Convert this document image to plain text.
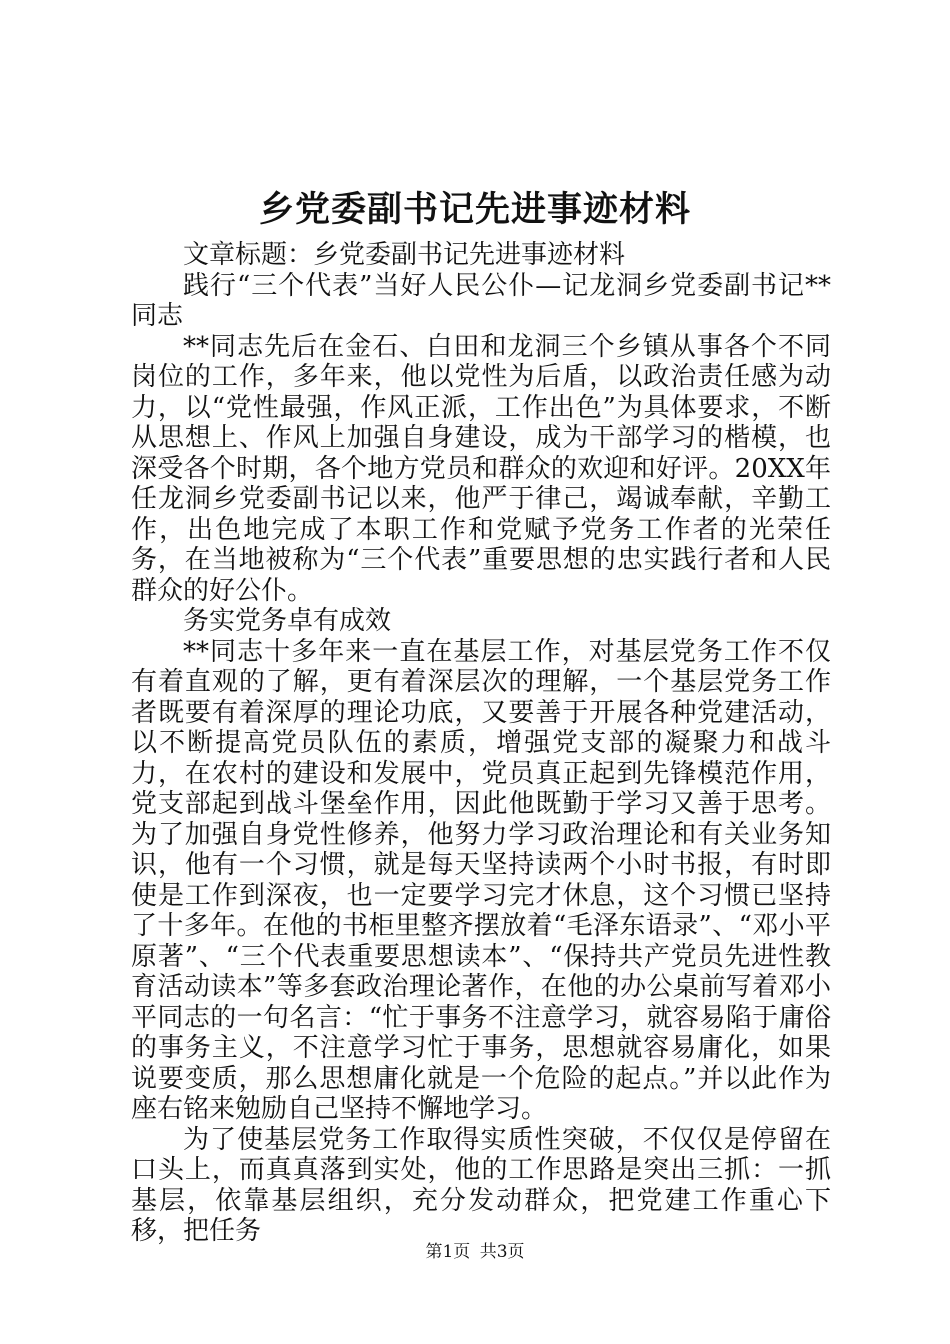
乡党委副书记先进事迹材料

文章标题：乡党委副书记先进事迹材料

践行“三个代表”当好人民公仆—记龙洞乡党委副书记**同志

**同志先后在金石、白田和龙洞三个乡镇从事各个不同岗位的工作，多年来，他以党性为后盾，以政治责任感为动力，以“党性最强，作风正派，工作出色”为具体要求，不断从思想上、作风上加强自身建设，成为干部学习的楷模，也深受各个时期，各个地方党员和群众的欢迎和好评。20XX年任龙洞乡党委副书记以来，他严于律己，竭诚奉献，辛勤工作，出色地完成了本职工作和党赋予党务工作者的光荣任务，在当地被称为“三个代表”重要思想的忠实践行者和人民群众的好公仆。

务实党务卓有成效

**同志十多年来一直在基层工作，对基层党务工作不仅有着直观的了解，更有着深层次的理解，一个基层党务工作者既要有着深厚的理论功底，又要善于开展各种党建活动，以不断提高党员队伍的素质，增强党支部的凝聚力和战斗力，在农村的建设和发展中，党员真正起到先锋模范作用，党支部起到战斗堡垒作用，因此他既勤于学习又善于思考。为了加强自身党性修养，他努力学习政治理论和有关业务知识，他有一个习惯，就是每天坚持读两个小时书报，有时即使是工作到深夜，也一定要学习完才休息，这个习惯已坚持了十多年。在他的书柜里整齐摆放着“毛泽东语录”、“邓小平原著”、“三个代表重要思想读本”、“保持共产党员先进性教育活动读本”等多套政治理论著作，在他的办公桌前写着邓小平同志的一句名言：“忙于事务不注意学习，就容易陷于庸俗的事务主义，不注意学习忙于事务，思想就容易庸化，如果说要变质，那么思想庸化就是一个危险的起点。”并以此作为座右铭来勉励自己坚持不懈地学习。

为了使基层党务工作取得实质性突破，不仅仅是停留在口头上，而真真落到实处，他的工作思路是突出三抓：一抓基层，依靠基层组织，充分发动群众，把党建工作重心下移，把任务

第1页 共3页
